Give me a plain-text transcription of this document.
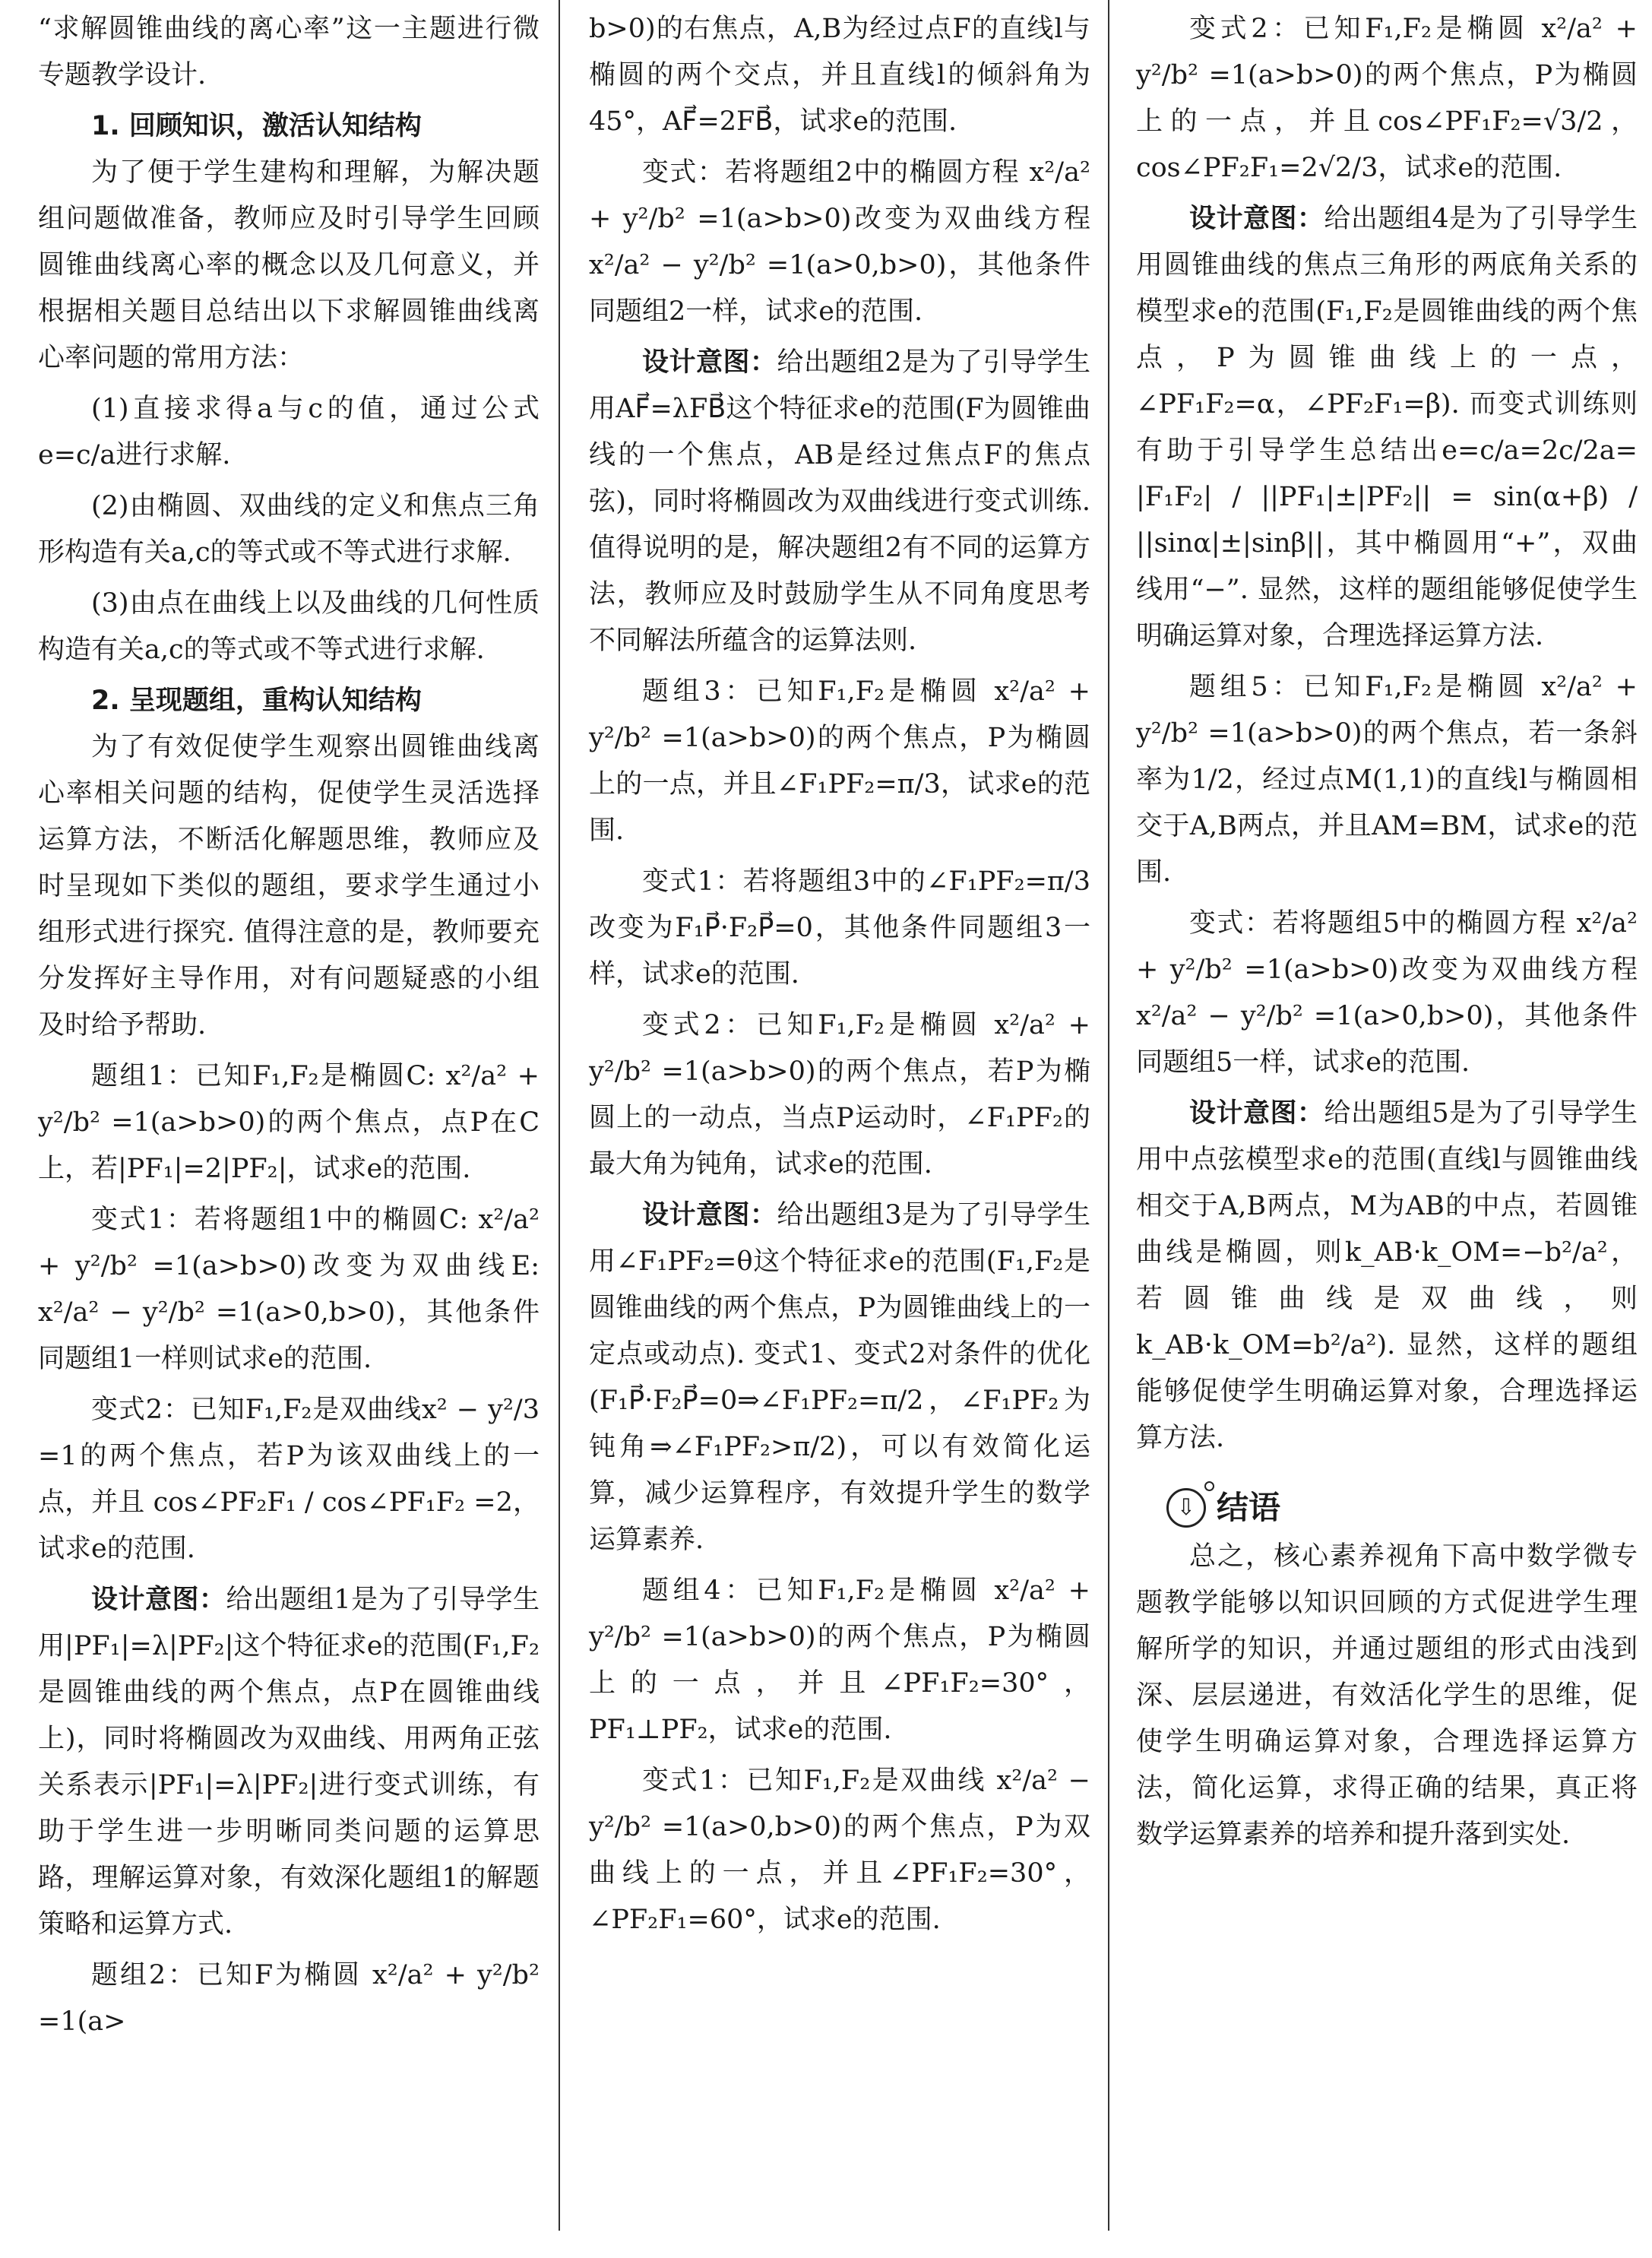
“求解圆锥曲线的离心率”这一主题进行微专题教学设计.

1. 回顾知识，激活认知结构

为了便于学生建构和理解，为解决题组问题做准备，教师应及时引导学生回顾圆锥曲线离心率的概念以及几何意义，并根据相关题目总结出以下求解圆锥曲线离心率问题的常用方法：

(1)直接求得a与c的值，通过公式e=c/a进行求解.

(2)由椭圆、双曲线的定义和焦点三角形构造有关a,c的等式或不等式进行求解.

(3)由点在曲线上以及曲线的几何性质构造有关a,c的等式或不等式进行求解.

2. 呈现题组，重构认知结构

为了有效促使学生观察出圆锥曲线离心率相关问题的结构，促使学生灵活选择运算方法，不断活化解题思维，教师应及时呈现如下类似的题组，要求学生通过小组形式进行探究. 值得注意的是，教师要充分发挥好主导作用，对有问题疑惑的小组及时给予帮助.

题组1：已知F₁,F₂是椭圆C: x²/a² + y²/b² =1(a>b>0)的两个焦点，点P在C上，若|PF₁|=2|PF₂|，试求e的范围.

变式1：若将题组1中的椭圆C: x²/a² + y²/b² =1(a>b>0)改变为双曲线E: x²/a² − y²/b² =1(a>0,b>0)，其他条件同题组1一样则试求e的范围.

变式2：已知F₁,F₂是双曲线x² − y²/3 =1的两个焦点，若P为该双曲线上的一点，并且 cos∠PF₂F₁ / cos∠PF₁F₂ =2，试求e的范围.

设计意图：给出题组1是为了引导学生用|PF₁|=λ|PF₂|这个特征求e的范围(F₁,F₂是圆锥曲线的两个焦点，点P在圆锥曲线上)，同时将椭圆改为双曲线、用两角正弦关系表示|PF₁|=λ|PF₂|进行变式训练，有助于学生进一步明晰同类问题的运算思路，理解运算对象，有效深化题组1的解题策略和运算方式.

题组2：已知F为椭圆 x²/a² + y²/b² =1(a>

b>0)的右焦点，A,B为经过点F的直线l与椭圆的两个交点，并且直线l的倾斜角为45°，AF⃗=2FB⃗，试求e的范围.

变式：若将题组2中的椭圆方程 x²/a² + y²/b² =1(a>b>0)改变为双曲线方程 x²/a² − y²/b² =1(a>0,b>0)，其他条件同题组2一样，试求e的范围.

设计意图：给出题组2是为了引导学生用AF⃗=λFB⃗这个特征求e的范围(F为圆锥曲线的一个焦点，AB是经过焦点F的焦点弦)，同时将椭圆改为双曲线进行变式训练. 值得说明的是，解决题组2有不同的运算方法，教师应及时鼓励学生从不同角度思考不同解法所蕴含的运算法则.

题组3：已知F₁,F₂是椭圆 x²/a² + y²/b² =1(a>b>0)的两个焦点，P为椭圆上的一点，并且∠F₁PF₂=π/3，试求e的范围.

变式1：若将题组3中的∠F₁PF₂=π/3改变为F₁P⃗·F₂P⃗=0，其他条件同题组3一样，试求e的范围.

变式2：已知F₁,F₂是椭圆 x²/a² + y²/b² =1(a>b>0)的两个焦点，若P为椭圆上的一动点，当点P运动时，∠F₁PF₂的最大角为钝角，试求e的范围.

设计意图：给出题组3是为了引导学生用∠F₁PF₂=θ这个特征求e的范围(F₁,F₂是圆锥曲线的两个焦点，P为圆锥曲线上的一定点或动点). 变式1、变式2对条件的优化(F₁P⃗·F₂P⃗=0⇒∠F₁PF₂=π/2，∠F₁PF₂为钝角⇒∠F₁PF₂>π/2)，可以有效简化运算，减少运算程序，有效提升学生的数学运算素养.

题组4：已知F₁,F₂是椭圆 x²/a² + y²/b² =1(a>b>0)的两个焦点，P为椭圆上的一点，并且∠PF₁F₂=30°，PF₁⊥PF₂，试求e的范围.

变式1：已知F₁,F₂是双曲线 x²/a² − y²/b² =1(a>0,b>0)的两个焦点，P为双曲线上的一点，并且∠PF₁F₂=30°，∠PF₂F₁=60°，试求e的范围.

变式2：已知F₁,F₂是椭圆 x²/a² + y²/b² =1(a>b>0)的两个焦点，P为椭圆上的一点，并且cos∠PF₁F₂=√3/2，cos∠PF₂F₁=2√2/3，试求e的范围.

设计意图：给出题组4是为了引导学生用圆锥曲线的焦点三角形的两底角关系的模型求e的范围(F₁,F₂是圆锥曲线的两个焦点，P为圆锥曲线上的一点，∠PF₁F₂=α，∠PF₂F₁=β). 而变式训练则有助于引导学生总结出e=c/a=2c/2a= |F₁F₂| / ||PF₁|±|PF₂|| = sin(α+β) / ||sinα|±|sinβ||，其中椭圆用“+”，双曲线用“−”. 显然，这样的题组能够促使学生明确运算对象，合理选择运算方法.

题组5：已知F₁,F₂是椭圆 x²/a² + y²/b² =1(a>b>0)的两个焦点，若一条斜率为1/2，经过点M(1,1)的直线l与椭圆相交于A,B两点，并且AM=BM，试求e的范围.

变式：若将题组5中的椭圆方程 x²/a² + y²/b² =1(a>b>0)改变为双曲线方程 x²/a² − y²/b² =1(a>0,b>0)，其他条件同题组5一样，试求e的范围.

设计意图：给出题组5是为了引导学生用中点弦模型求e的范围(直线l与圆锥曲线相交于A,B两点，M为AB的中点，若圆锥曲线是椭圆，则k_AB·k_OM=−b²/a²，若圆锥曲线是双曲线，则k_AB·k_OM=b²/a²). 显然，这样的题组能够促使学生明确运算对象，合理选择运算方法.

⇩ 结语

总之，核心素养视角下高中数学微专题教学能够以知识回顾的方式促进学生理解所学的知识，并通过题组的形式由浅到深、层层递进，有效活化学生的思维，促使学生明确运算对象，合理选择运算方法，简化运算，求得正确的结果，真正将数学运算素养的培养和提升落到实处.
